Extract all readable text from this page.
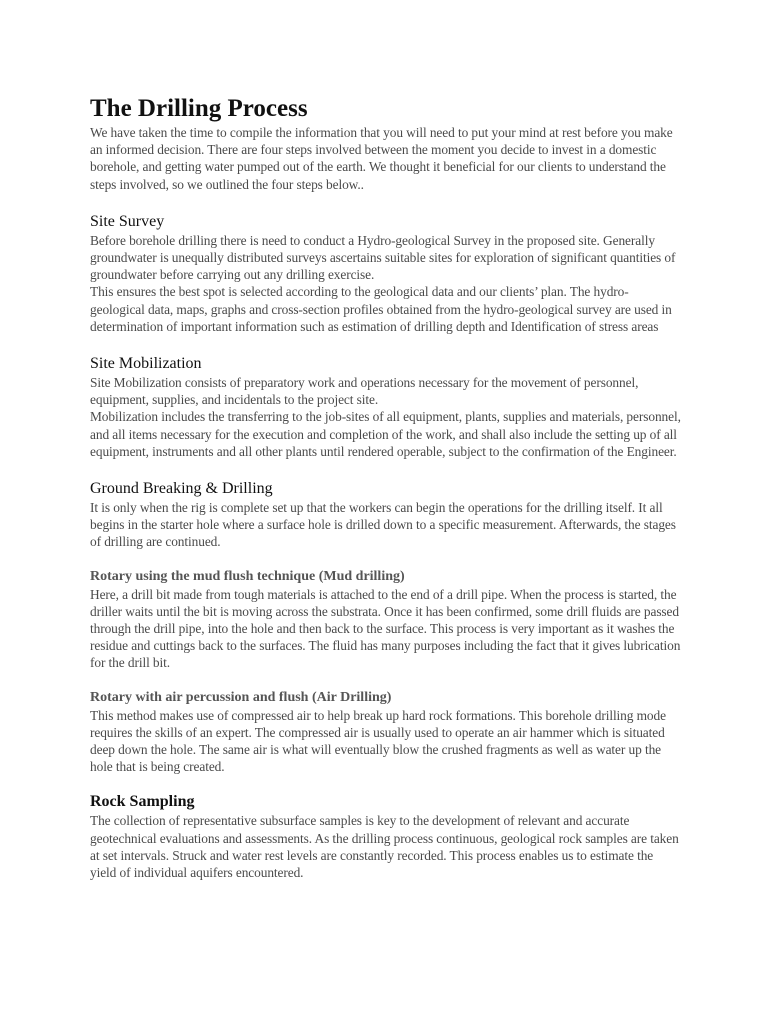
The Drilling Process

We have taken the time to compile the information that you will need to put your mind at rest before you make an informed decision. There are four steps involved between the moment you decide to invest in a domestic borehole, and getting water pumped out of the earth. We thought it beneficial for our clients to understand the steps involved, so we outlined the four steps below..

Site Survey

Before borehole drilling there is need to conduct a Hydro-geological Survey in the proposed site. Generally groundwater is unequally distributed surveys ascertains suitable sites for exploration of significant quantities of groundwater before carrying out any drilling exercise.

This ensures the best spot is selected according to the geological data and our clients’ plan. The hydro-geological data, maps, graphs and cross-section profiles obtained from the hydro-geological survey are used in determination of important information such as estimation of drilling depth and Identification of stress areas

Site Mobilization

Site Mobilization consists of preparatory work and operations necessary for the movement of personnel, equipment, supplies, and incidentals to the project site.

Mobilization includes the transferring to the job-sites of all equipment, plants, supplies and materials, personnel, and all items necessary for the execution and completion of the work, and shall also include the setting up of all equipment, instruments and all other plants until rendered operable, subject to the confirmation of the Engineer.

Ground Breaking & Drilling

It is only when the rig is complete set up that the workers can begin the operations for the drilling itself. It all begins in the starter hole where a surface hole is drilled down to a specific measurement. Afterwards, the stages of drilling are continued.

Rotary using the mud flush technique (Mud drilling)

Here, a drill bit made from tough materials is attached to the end of a drill pipe. When the process is started, the driller waits until the bit is moving across the substrata. Once it has been confirmed, some drill fluids are passed through the drill pipe, into the hole and then back to the surface. This process is very important as it washes the residue and cuttings back to the surfaces. The fluid has many purposes including the fact that it gives lubrication for the drill bit.

Rotary with air percussion and flush (Air Drilling)

This method makes use of compressed air to help break up hard rock formations. This borehole drilling mode requires the skills of an expert. The compressed air is usually used to operate an air hammer which is situated deep down the hole. The same air is what will eventually blow the crushed fragments as well as water up the hole that is being created.

Rock Sampling

The collection of representative subsurface samples is key to the development of relevant and accurate geotechnical evaluations and assessments. As the drilling process continuous, geological rock samples are taken at set intervals. Struck and water rest levels are constantly recorded. This process enables us to estimate the yield of individual aquifers encountered.
